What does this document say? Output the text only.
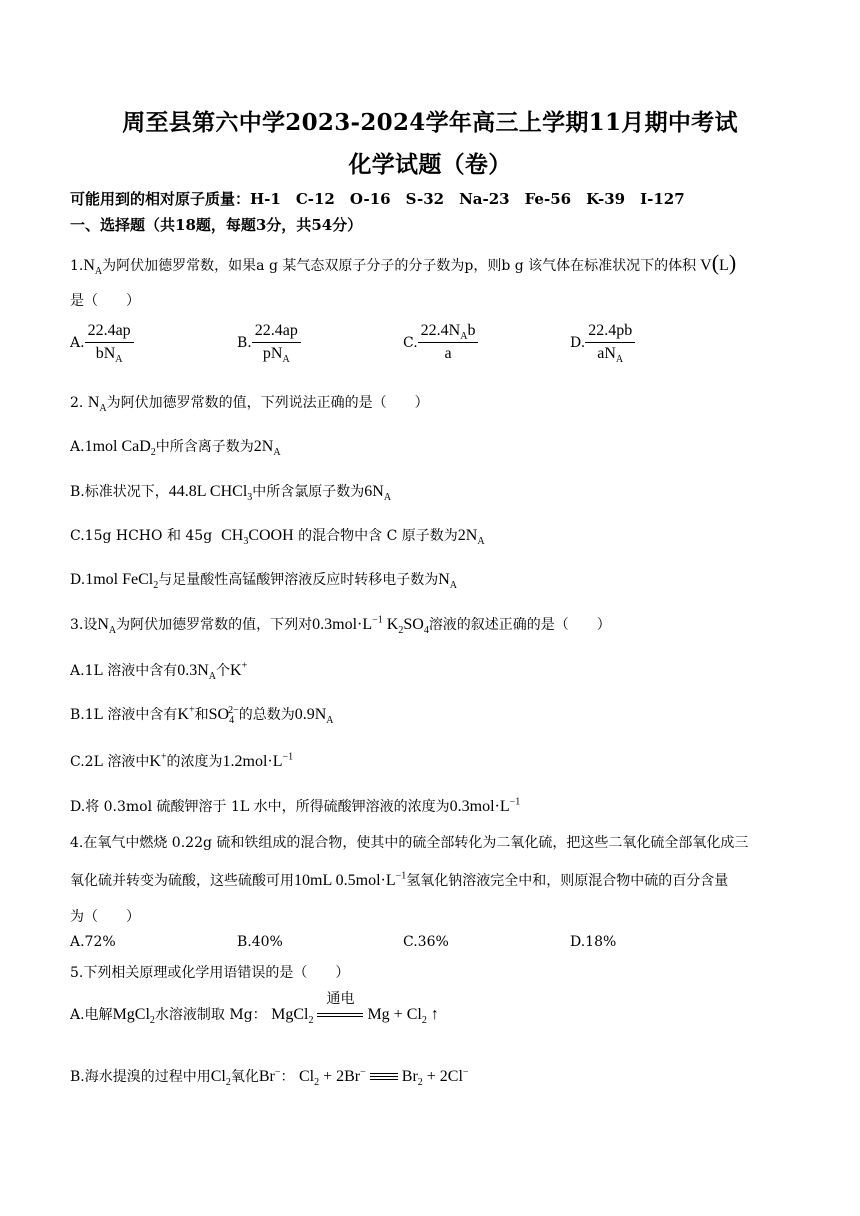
周至县第六中学2023-2024学年高三上学期11月期中考试
化学试题（卷）
可能用到的相对原子质量：H-1　C-12　O-16　S-32　Na-23　Fe-56　K-39　I-127
一、选择题（共18题，每题3分，共54分）
$1.N_A$为阿伏加德罗常数，如果a g 某气态双原子分子的分子数为p，则b g 该气体在标准状况下的体积 V(L)
是（　　）
A. $\frac{22.4ap}{bN_A}$	B. $\frac{22.4ap}{pN_A}$	C. $\frac{22.4N_Ab}{a}$	D. $\frac{22.4pb}{aN_A}$
2. $N_A$为阿伏加德罗常数的值，下列说法正确的是（　　）
A.1mol CaD$_2$中所含离子数为$2N_A$
B.标准状况下，44.8L CHCl$_3$中所含氯原子数为$6N_A$
C.15g HCHO 和 45g $CH_3COOH$ 的混合物中含 C 原子数为$2N_A$
D.1mol FeCl$_2$与足量酸性高锰酸钾溶液反应时转移电子数为$N_A$
3.设$N_A$为阿伏加德罗常数的值，下列对$0.3mol\cdot L^{-1}$ $K_2SO_4$溶液的叙述正确的是（　　）
A.1L 溶液中含有$0.3N_A$个K+
B.1L 溶液中含有K+和$SO_4^{2-}$的总数为$0.9N_A$
C.2L 溶液中K+的浓度为$1.2mol\cdot L^{-1}$
D.将 0.3mol 硫酸钾溶于 1L 水中，所得硫酸钾溶液的浓度为$0.3mol\cdot L^{-1}$
4.在氧气中燃烧 0.22g 硫和铁组成的混合物，使其中的硫全部转化为二氧化硫，把这些二氧化硫全部氧化成三
氧化硫并转变为硫酸，这些硫酸可用10mL $0.5mol\cdot L^{-1}$氢氧化钠溶液完全中和，则原混合物中硫的百分含量
为（　　）
A.72%	B.40%	C.36%	D.18%
5.下列相关原理或化学用语错误的是（　　）
A.电解MgCl$_2$水溶液制取 Mg： MgCl$_2$
通电
$Mg + Cl_2$ ↑
B.海水提溴的过程中用$Cl_2$氧化Br−： $Cl_2 + 2Br^-$ $Br_2 + 2Cl^-$
